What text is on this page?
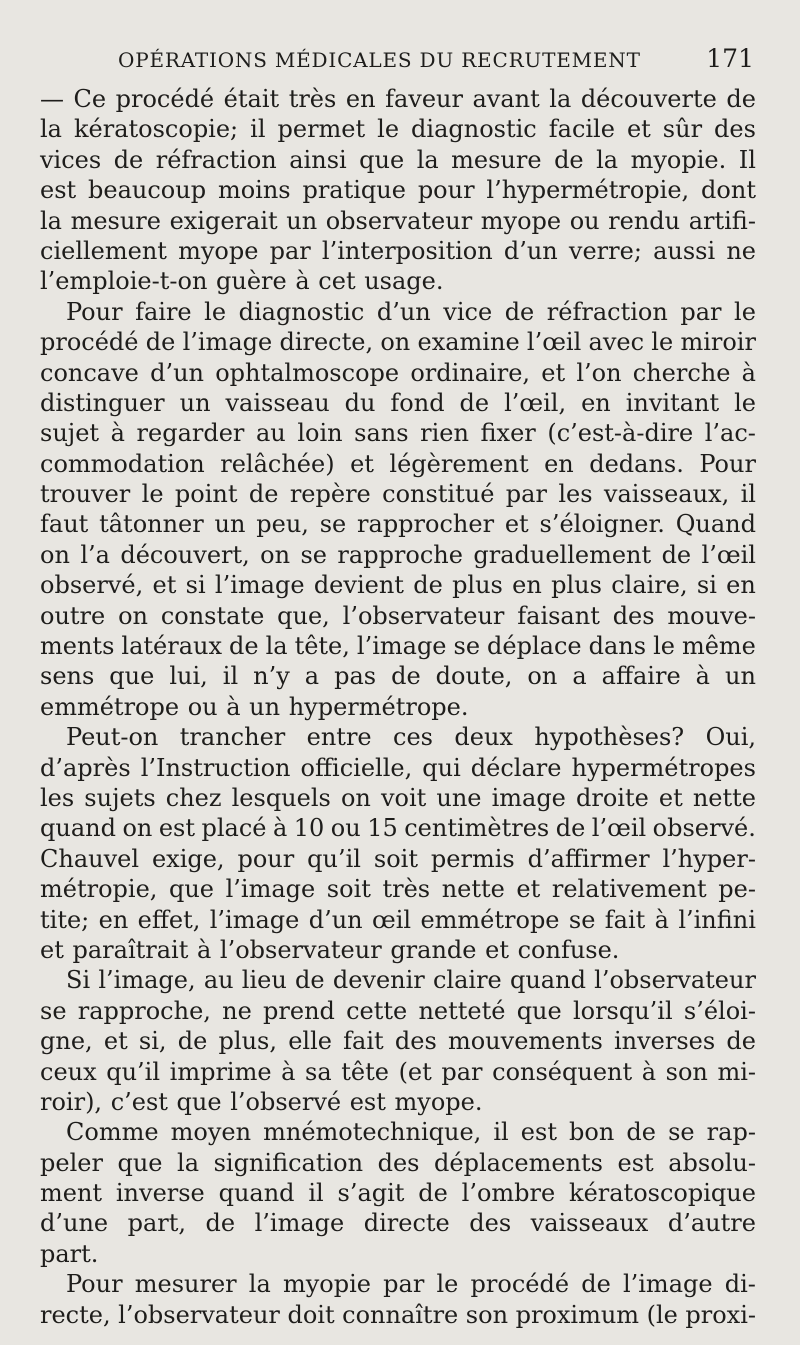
OPÉRATIONS MÉDICALES DU RECRUTEMENT	171
— Ce procédé était très en faveur avant la découverte de
la kératoscopie; il permet le diagnostic facile et sûr des
vices de réfraction ainsi que la mesure de la myopie. Il
est beaucoup moins pratique pour l’hypermétropie, dont
la mesure exigerait un observateur myope ou rendu artifi-
ciellement myope par l’interposition d’un verre; aussi ne
l’emploie-t-on guère à cet usage.
Pour faire le diagnostic d’un vice de réfraction par le
procédé de l’image directe, on examine l’œil avec le miroir
concave d’un ophtalmoscope ordinaire, et l’on cherche à
distinguer un vaisseau du fond de l’œil, en invitant le
sujet à regarder au loin sans rien fixer (c’est-à-dire l’ac-
commodation relâchée) et légèrement en dedans. Pour
trouver le point de repère constitué par les vaisseaux, il
faut tâtonner un peu, se rapprocher et s’éloigner. Quand
on l’a découvert, on se rapproche graduellement de l’œil
observé, et si l’image devient de plus en plus claire, si en
outre on constate que, l’observateur faisant des mouve-
ments latéraux de la tête, l’image se déplace dans le même
sens que lui, il n’y a pas de doute, on a affaire à un
emmétrope ou à un hypermétrope.
Peut-on trancher entre ces deux hypothèses? Oui,
d’après l’Instruction officielle, qui déclare hypermétropes
les sujets chez lesquels on voit une image droite et nette
quand on est placé à 10 ou 15 centimètres de l’œil observé.
Chauvel exige, pour qu’il soit permis d’affirmer l’hyper-
métropie, que l’image soit très nette et relativement pe-
tite; en effet, l’image d’un œil emmétrope se fait à l’infini
et paraîtrait à l’observateur grande et confuse.
Si l’image, au lieu de devenir claire quand l’observateur
se rapproche, ne prend cette netteté que lorsqu’il s’éloi-
gne, et si, de plus, elle fait des mouvements inverses de
ceux qu’il imprime à sa tête (et par conséquent à son mi-
roir), c’est que l’observé est myope.
Comme moyen mnémotechnique, il est bon de se rap-
peler que la signification des déplacements est absolu-
ment inverse quand il s’agit de l’ombre kératoscopique
d’une part, de l’image directe des vaisseaux d’autre
part.
Pour mesurer la myopie par le procédé de l’image di-
recte, l’observateur doit connaître son proximum (le proxi-
